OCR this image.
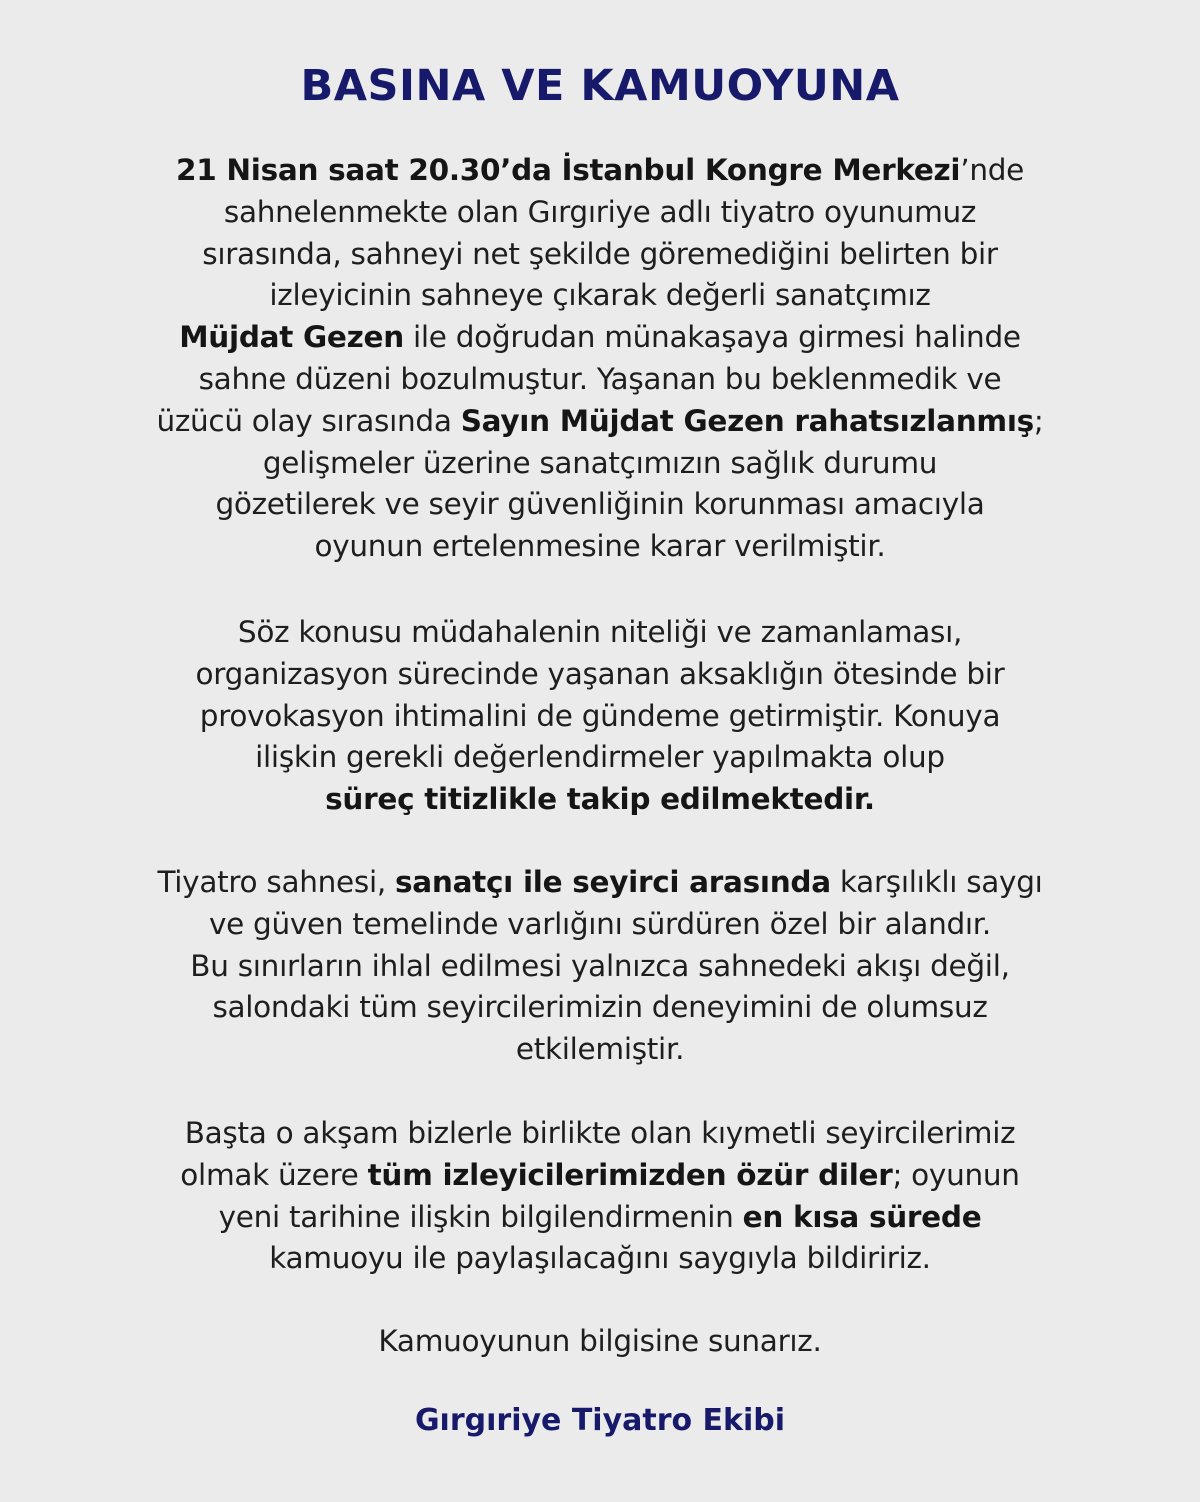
BASINA VE KAMUOYUNA
21 Nisan saat 20.30’da İstanbul Kongre Merkezi’nde
sahnelenmekte olan Gırgıriye adlı tiyatro oyunumuz
sırasında, sahneyi net şekilde göremediğini belirten bir
izleyicinin sahneye çıkarak değerli sanatçımız
Müjdat Gezen ile doğrudan münakaşaya girmesi halinde
sahne düzeni bozulmuştur. Yaşanan bu beklenmedik ve
üzücü olay sırasında Sayın Müjdat Gezen rahatsızlanmış;
gelişmeler üzerine sanatçımızın sağlık durumu
gözetilerek ve seyir güvenliğinin korunması amacıyla
oyunun ertelenmesine karar verilmiştir.
Söz konusu müdahalenin niteliği ve zamanlaması,
organizasyon sürecinde yaşanan aksaklığın ötesinde bir
provokasyon ihtimalini de gündeme getirmiştir. Konuya
ilişkin gerekli değerlendirmeler yapılmakta olup
süreç titizlikle takip edilmektedir.
Tiyatro sahnesi, sanatçı ile seyirci arasında karşılıklı saygı
ve güven temelinde varlığını sürdüren özel bir alandır.
Bu sınırların ihlal edilmesi yalnızca sahnedeki akışı değil,
salondaki tüm seyircilerimizin deneyimini de olumsuz
etkilemiştir.
Başta o akşam bizlerle birlikte olan kıymetli seyircilerimiz
olmak üzere tüm izleyicilerimizden özür diler; oyunun
yeni tarihine ilişkin bilgilendirmenin en kısa sürede
kamuoyu ile paylaşılacağını saygıyla bildiririz.
Kamuoyunun bilgisine sunarız.
Gırgıriye Tiyatro Ekibi
